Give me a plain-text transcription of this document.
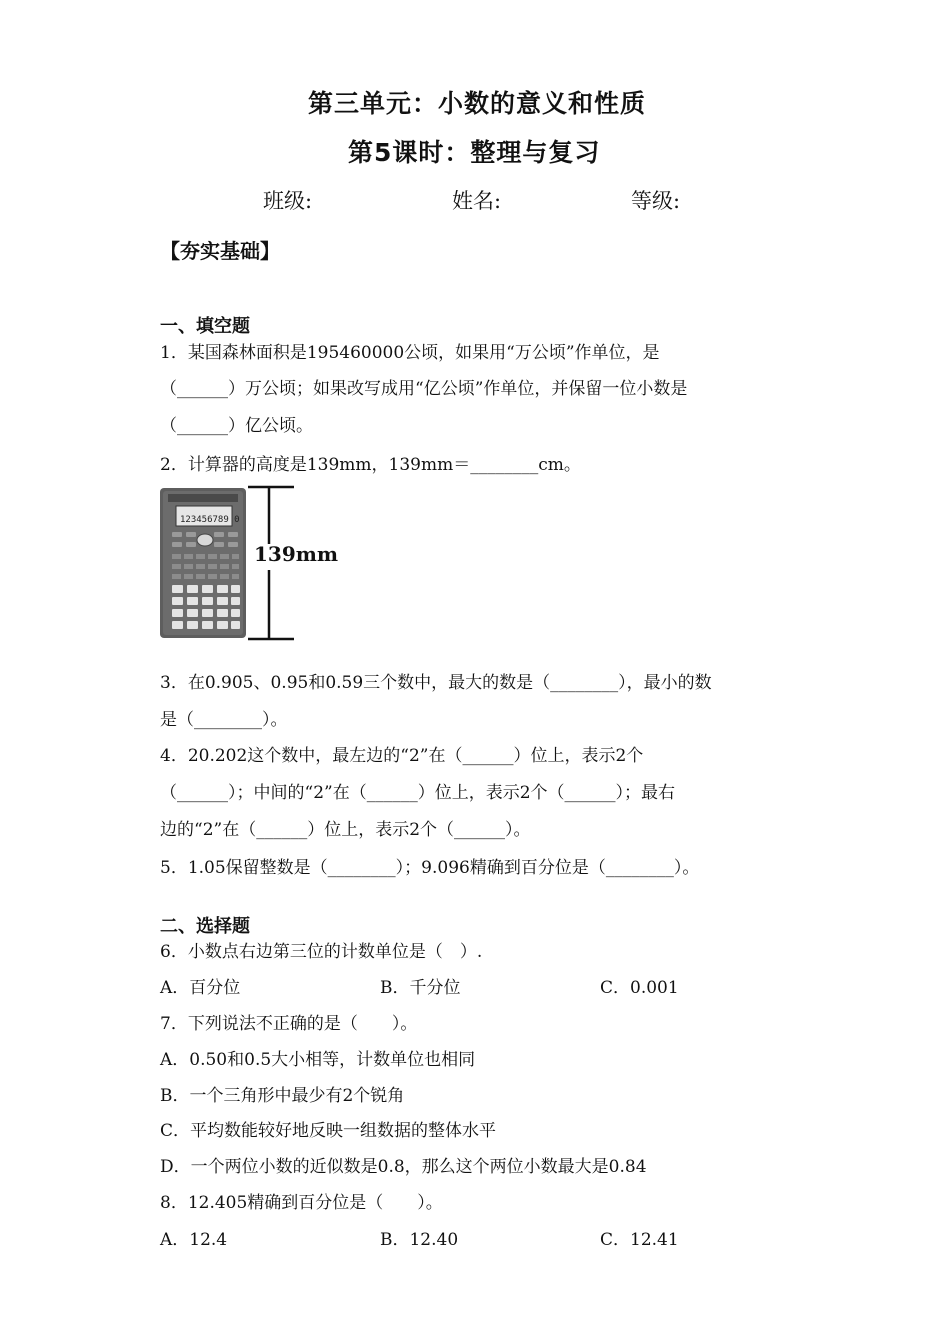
第三单元：小数的意义和性质
第5课时：整理与复习
班级:	姓名:	等级:
【夯实基础】
一、填空题
1．某国森林面积是195460000公顷，如果用“万公顷”作单位，是
（______）万公顷；如果改写成用“亿公顷”作单位，并保留一位小数是
（______）亿公顷。
2．计算器的高度是139mm，139mm＝________cm。
123456789 0
139mm
3．在0.905、0.95和0.59三个数中，最大的数是（________），最小的数
是（________）。
4．20.202这个数中，最左边的“2”在（______）位上，表示2个
（______）；中间的“2”在（______）位上，表示2个（______）；最右
边的“2”在（______）位上，表示2个（______）。
5．1.05保留整数是（________）；9.096精确到百分位是（________）。
二、选择题
6．小数点右边第三位的计数单位是（　）.
A．百分位	B．千分位	C．0.001
7．下列说法不正确的是（　　）。
A．0.50和0.5大小相等，计数单位也相同
B．一个三角形中最少有2个锐角
C．平均数能较好地反映一组数据的整体水平
D．一个两位小数的近似数是0.8，那么这个两位小数最大是0.84
8．12.405精确到百分位是（　　）。
A．12.4	B．12.40	C．12.41
